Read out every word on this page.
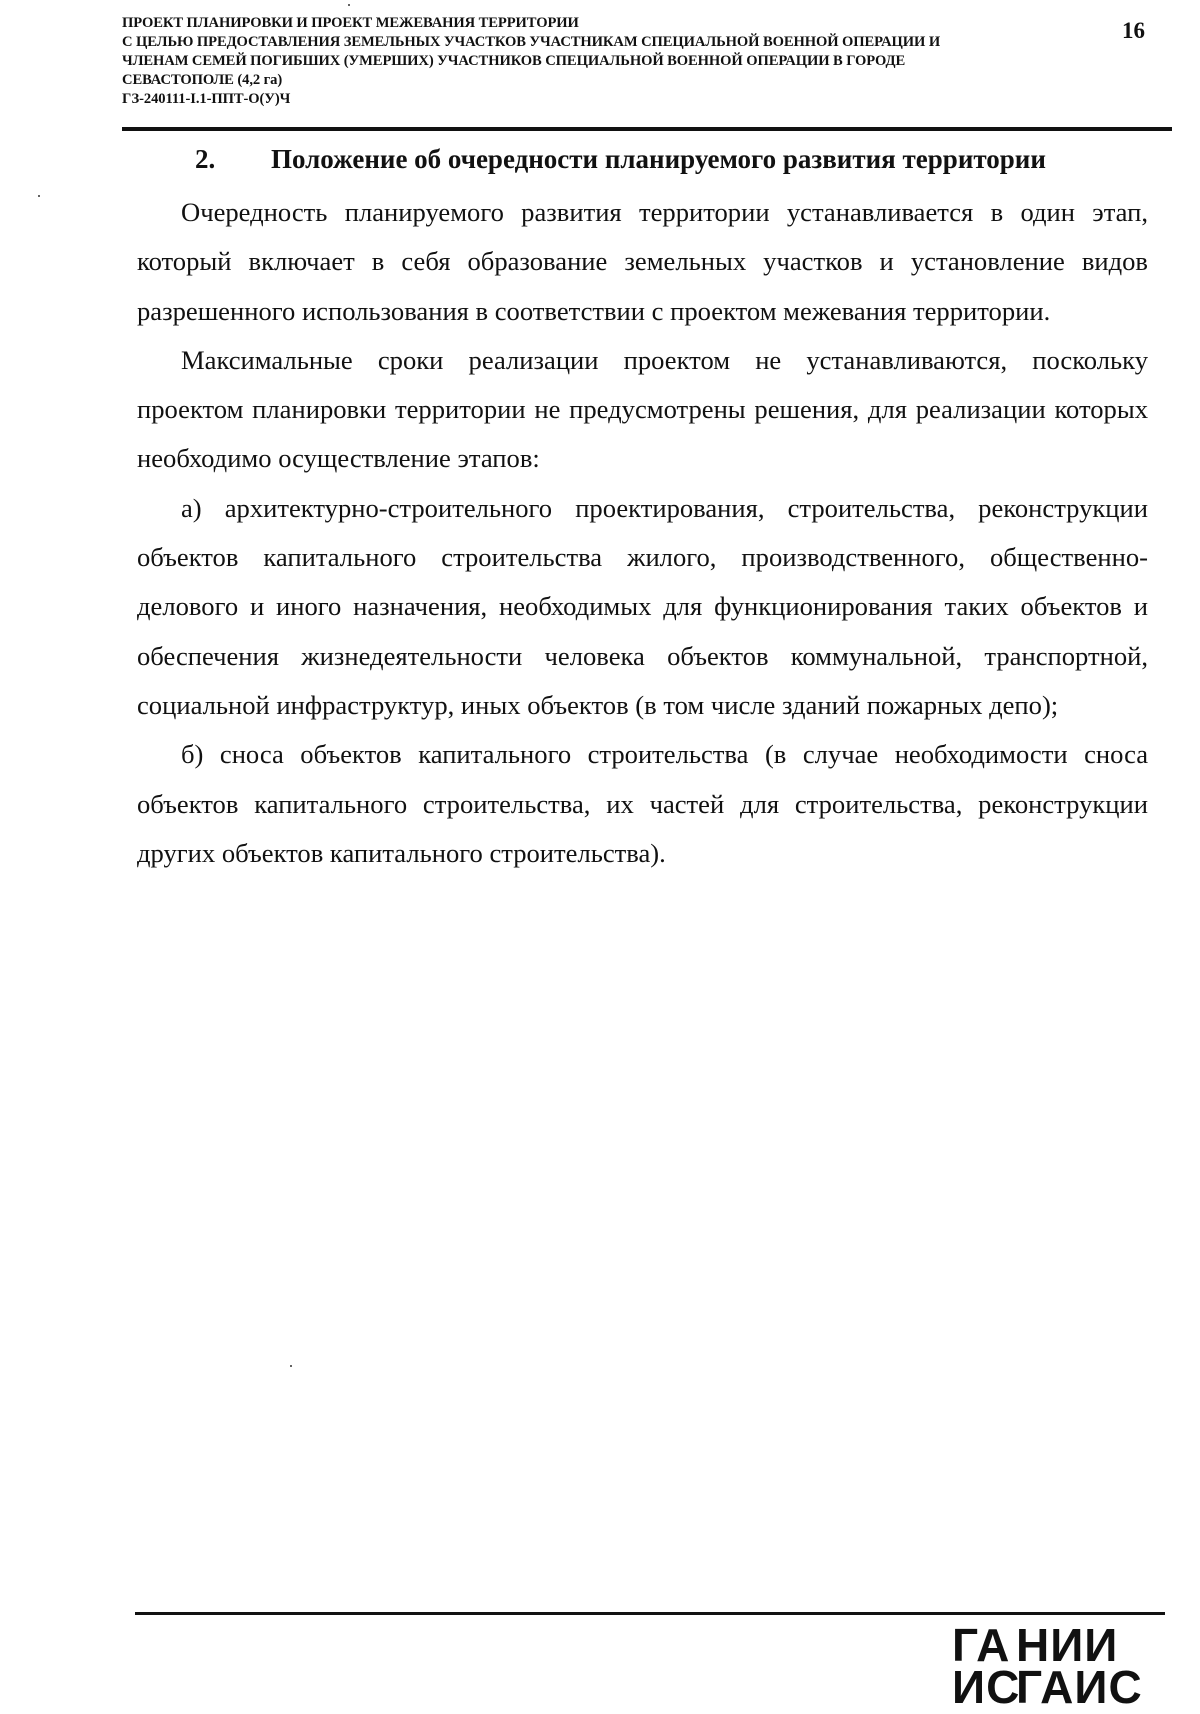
ПРОЕКТ ПЛАНИРОВКИ И ПРОЕКТ МЕЖЕВАНИЯ ТЕРРИТОРИИ
С ЦЕЛЬЮ ПРЕДОСТАВЛЕНИЯ ЗЕМЕЛЬНЫХ УЧАСТКОВ УЧАСТНИКАМ СПЕЦИАЛЬНОЙ ВОЕННОЙ ОПЕРАЦИИ И
ЧЛЕНАМ СЕМЕЙ ПОГИБШИХ (УМЕРШИХ) УЧАСТНИКОВ СПЕЦИАЛЬНОЙ ВОЕННОЙ ОПЕРАЦИИ В ГОРОДЕ
СЕВАСТОПОЛЕ (4,2 га)
ГЗ-240111-I.1-ППТ-О(У)Ч
16
2. Положение об очередности планируемого развития территории

Очередность планируемого развития территории устанавливается в один этап, который включает в себя образование земельных участков и установление видов разрешенного использования в соответствии с проектом межевания территории.

Максимальные сроки реализации проектом не устанавливаются, поскольку проектом планировки территории не предусмотрены решения, для реализации которых необходимо осуществление этапов:

а) архитектурно-строительного проектирования, строительства, реконструкции объектов капитального строительства жилого, производственного, общественно-делового и иного назначения, необходимых для функционирования таких объектов и обеспечения жизнедеятельности человека объектов коммунальной, транспортной, социальной инфраструктур, иных объектов (в том числе зданий пожарных депо);

б) сноса объектов капитального строительства (в случае необходимости сноса объектов капитального строительства, их частей для строительства, реконструкции других объектов капитального строительства).

ГА НИИ
ИСГАИС
